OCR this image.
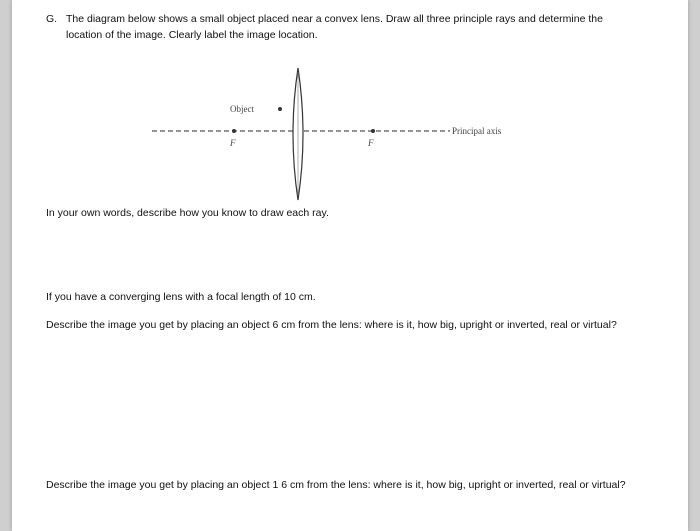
G. The diagram below shows a small object placed near a convex lens. Draw all three principle rays and determine the
location of the image. Clearly label the image location.
Object
F	F
Principal axis
In your own words, describe how you know to draw each ray.
If you have a converging lens with a focal length of 10 cm.
Describe the image you get by placing an object 6 cm from the lens: where is it, how big, upright or inverted, real or virtual?
Describe the image you get by placing an object 1 6 cm from the lens: where is it, how big, upright or inverted, real or virtual?
